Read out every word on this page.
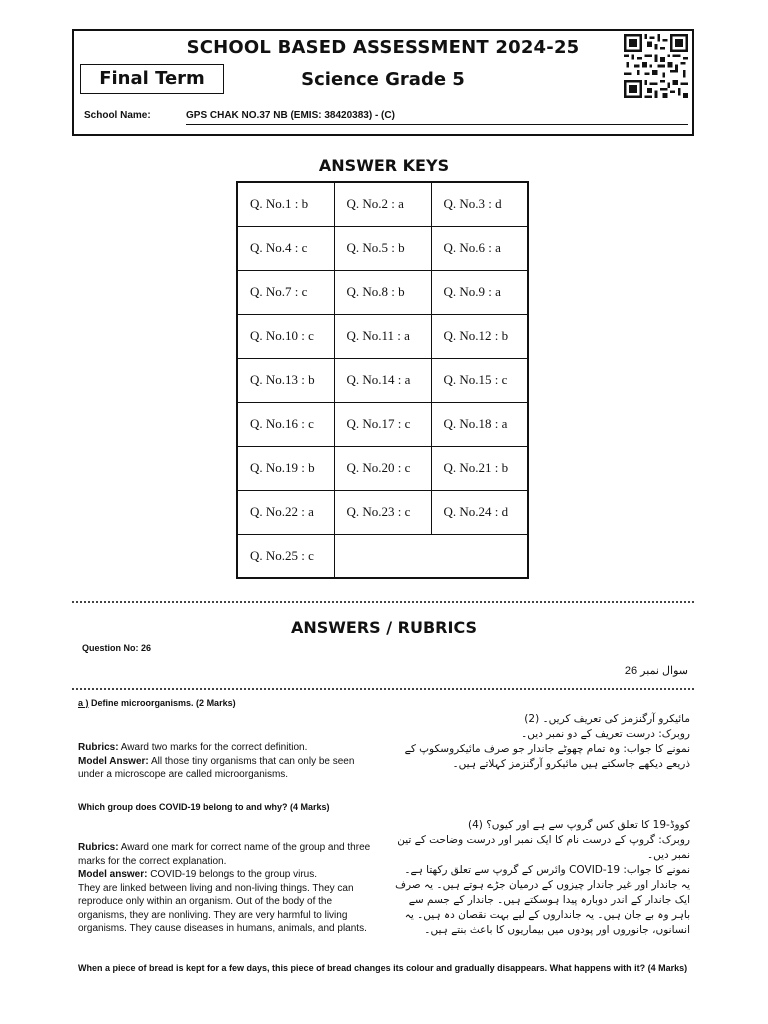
SCHOOL BASED ASSESSMENT 2024-25
Final Term	Science Grade 5
School Name:	GPS CHAK NO.37 NB (EMIS: 38420383) - (C)
ANSWER KEYS
Q. No.1 : b	Q. No.2 : a	Q. No.3 : d
Q. No.4 : c	Q. No.5 : b	Q. No.6 : a
Q. No.7 : c	Q. No.8 : b	Q. No.9 : a
Q. No.10 : c	Q. No.11 : a	Q. No.12 : b
Q. No.13 : b	Q. No.14 : a	Q. No.15 : c
Q. No.16 : c	Q. No.17 : c	Q. No.18 : a
Q. No.19 : b	Q. No.20 : c	Q. No.21 : b
Q. No.22 : a	Q. No.23 : c	Q. No.24 : d
Q. No.25 : c		
ANSWERS / RUBRICS
Question No: 26
سوال نمبر 26
a ) Define microorganisms. (2 Marks)
Rubrics: Award two marks for the correct definition.
Model Answer: All those tiny organisms that can only be seen under a microscope are called microorganisms.
مائیکرو آرگنزمز کی تعریف کریں۔ (2)
روبرک: درست تعریف کے دو نمبر دیں۔
نمونے کا جواب: وہ تمام چھوٹے جاندار جو صرف مائیکروسکوپ کے ذریعے دیکھے جاسکتے ہیں مائیکرو آرگنزمز کہلاتے ہیں۔
Which group does COVID-19 belong to and why? (4 Marks)
Rubrics: Award one mark for correct name of the group and three marks for the correct explanation.
Model answer: COVID-19 belongs to the group virus.
They are linked between living and non-living things. They can reproduce only within an organism. Out of the body of the organisms, they are nonliving. They are very harmful to living organisms. They cause diseases in humans, animals, and plants.
کووڈ-19 کا تعلق کس گروپ سے ہے اور کیوں؟ (4)
روبرک: گروپ کے درست نام کا ایک نمبر اور درست وضاحت کے تین نمبر دیں۔
نمونے کا جواب: COVID-19 وائرس کے گروپ سے تعلق رکھتا ہے۔
یہ جاندار اور غیر جاندار چیزوں کے درمیان جڑے ہوتے ہیں۔ یہ صرف ایک جاندار کے اندر دوبارہ پیدا ہوسکتے ہیں۔ جاندار کے جسم سے باہر وہ بے جان ہیں۔ یہ جانداروں کے لیے بہت نقصان دہ ہیں۔ یہ انسانوں، جانوروں اور پودوں میں بیماریوں کا باعث بنتے ہیں۔
When a piece of bread is kept for a few days, this piece of bread changes its colour and gradually disappears. What happens with it? (4 Marks)
